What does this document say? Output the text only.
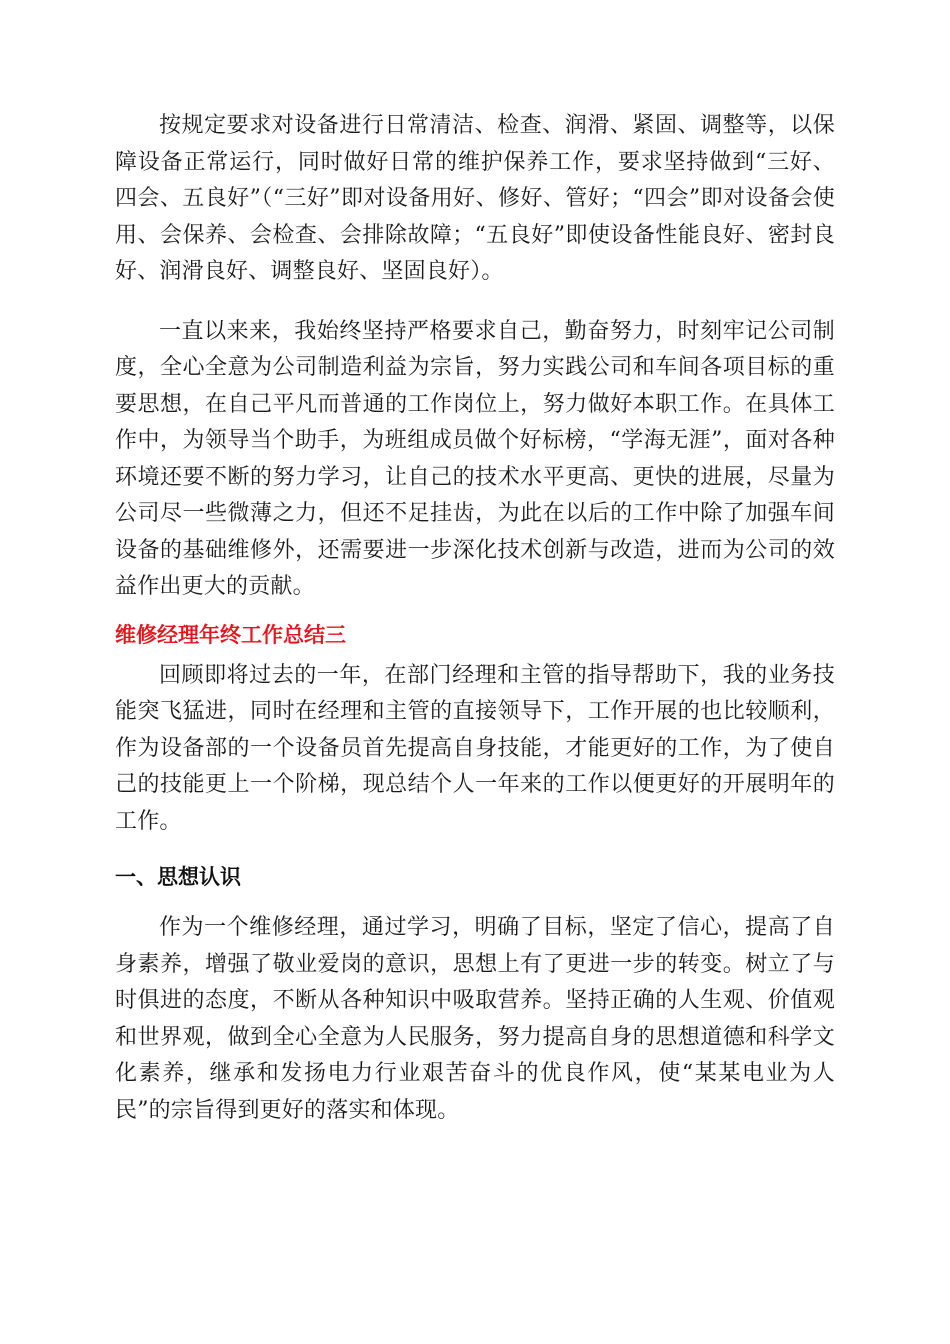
按规定要求对设备进行日常清洁、检查、润滑、紧固、调整等，以保障设备正常运行，同时做好日常的维护保养工作，要求坚持做到“三好、四会、五良好”（“三好”即对设备用好、修好、管好；“四会”即对设备会使用、会保养、会检查、会排除故障；“五良好”即使设备性能良好、密封良好、润滑良好、调整良好、坚固良好）。

一直以来来，我始终坚持严格要求自己，勤奋努力，时刻牢记公司制度，全心全意为公司制造利益为宗旨，努力实践公司和车间各项目标的重要思想，在自己平凡而普通的工作岗位上，努力做好本职工作。在具体工作中，为领导当个助手，为班组成员做个好标榜，“学海无涯”，面对各种环境还要不断的努力学习，让自己的技术水平更高、更快的进展，尽量为公司尽一些微薄之力，但还不足挂齿，为此在以后的工作中除了加强车间设备的基础维修外，还需要进一步深化技术创新与改造，进而为公司的效益作出更大的贡献。

维修经理年终工作总结三

回顾即将过去的一年，在部门经理和主管的指导帮助下，我的业务技能突飞猛进，同时在经理和主管的直接领导下，工作开展的也比较顺利，作为设备部的一个设备员首先提高自身技能，才能更好的工作，为了使自己的技能更上一个阶梯，现总结个人一年来的工作以便更好的开展明年的工作。

一、思想认识

作为一个维修经理，通过学习，明确了目标，坚定了信心，提高了自身素养，增强了敬业爱岗的意识，思想上有了更进一步的转变。树立了与时俱进的态度，不断从各种知识中吸取营养。坚持正确的人生观、价值观和世界观，做到全心全意为人民服务，努力提高自身的思想道德和科学文化素养，继承和发扬电力行业艰苦奋斗的优良作风，使“某某电业为人民”的宗旨得到更好的落实和体现。
